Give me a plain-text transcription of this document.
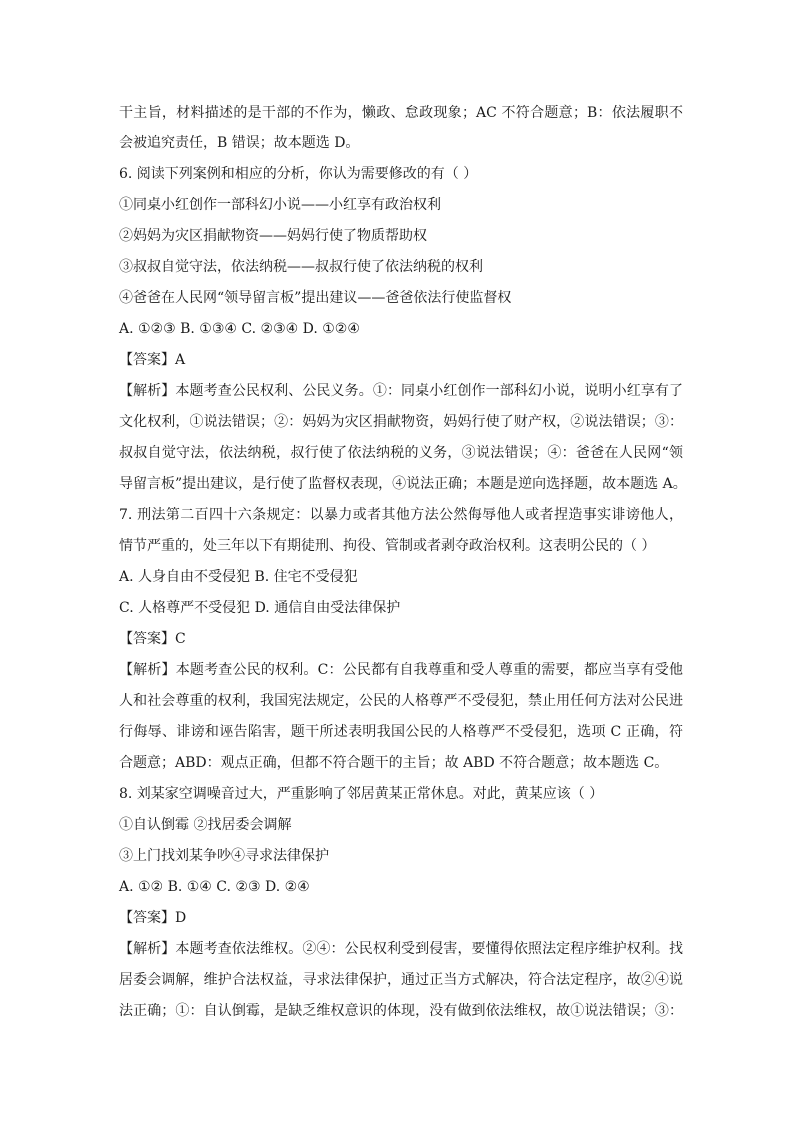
干主旨，材料描述的是干部的不作为，懒政、怠政现象；AC 不符合题意；B：依法履职不
会被追究责任，B 错误；故本题选 D。
6. 阅读下列案例和相应的分析，你认为需要修改的有（ ）
①同桌小红创作一部科幻小说——小红享有政治权利
②妈妈为灾区捐献物资——妈妈行使了物质帮助权
③叔叔自觉守法，依法纳税——叔叔行使了依法纳税的权利
④爸爸在人民网“领导留言板”提出建议——爸爸依法行使监督权
A. ①②③ B. ①③④ C. ②③④ D. ①②④
【答案】A
【解析】本题考查公民权利、公民义务。①：同桌小红创作一部科幻小说，说明小红享有了
文化权利，①说法错误；②：妈妈为灾区捐献物资，妈妈行使了财产权，②说法错误；③：
叔叔自觉守法，依法纳税，叔行使了依法纳税的义务，③说法错误；④：爸爸在人民网“领
导留言板”提出建议，是行使了监督权表现，④说法正确；本题是逆向选择题，故本题选 A。
7. 刑法第二百四十六条规定：以暴力或者其他方法公然侮辱他人或者捏造事实诽谤他人，
情节严重的，处三年以下有期徒刑、拘役、管制或者剥夺政治权利。这表明公民的（ ）
A. 人身自由不受侵犯 B. 住宅不受侵犯
C. 人格尊严不受侵犯 D. 通信自由受法律保护
【答案】C
【解析】本题考查公民的权利。C：公民都有自我尊重和受人尊重的需要，都应当享有受他
人和社会尊重的权利，我国宪法规定，公民的人格尊严不受侵犯，禁止用任何方法对公民进
行侮辱、诽谤和诬告陷害，题干所述表明我国公民的人格尊严不受侵犯，选项 C 正确，符
合题意；ABD：观点正确，但都不符合题干的主旨；故 ABD 不符合题意；故本题选 C。
8. 刘某家空调噪音过大，严重影响了邻居黄某正常休息。对此，黄某应该（ ）
①自认倒霉 ②找居委会调解
③上门找刘某争吵④寻求法律保护
A. ①② B. ①④ C. ②③ D. ②④
【答案】D
【解析】本题考查依法维权。②④：公民权利受到侵害，要懂得依照法定程序维护权利。找
居委会调解，维护合法权益，寻求法律保护，通过正当方式解决，符合法定程序，故②④说
法正确；①：自认倒霉，是缺乏维权意识的体现，没有做到依法维权，故①说法错误；③：
